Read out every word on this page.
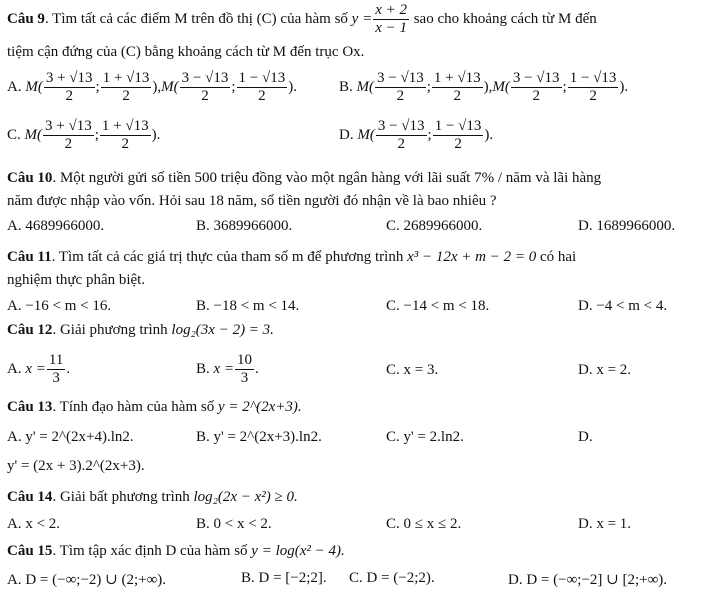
Câu 9. Tìm tất cả các điểm M trên đồ thị (C) của hàm số $y = \frac{x + 2}{x - 1}$ sao cho khoảng cách từ M đến
tiệm cận đứng của (C) bằng khoảng cách từ M đến trục Ox.
A. $M( \frac{3 + √13}{2}$ ; $\frac{1 + √13}{2} ),M( \frac{3 - √13}{2}$ ; $\frac{1 - √13}{2}$ ).	B. $M( \frac{3 - √13}{2}$ ; $\frac{1 + √13}{2} ),M( \frac{3 - √13}{2}$ ; $\frac{1 - √13}{2}$ ).
C. $M( \frac{3 + √13}{2}$ ; $\frac{1 + √13}{2}$ ).	D. $M( \frac{3 - √13}{2}$ ; $\frac{1 - √13}{2}$ ).
Câu 10. Một người gửi số tiền 500 triệu đồng vào một ngân hàng với lãi suất 7% / năm và lãi hàng
năm được nhập vào vốn. Hỏi sau 18 năm, số tiền người đó nhận về là bao nhiêu ?
A. 4689966000.	B. 3689966000.	C. 2689966000.	D. 1689966000.
Câu 11. Tìm tất cả các giá trị thực của tham số m để phương trình x³ − 12x + m − 2 = 0 có hai
nghiệm thực phân biệt.
A. −16 < m < 16.	B. −18 < m < 14.	C. −14 < m < 18.	D. −4 < m < 4.
Câu 12. Giải phương trình log₂(3x − 2) = 3.
A. $x = \frac{11}{3}$ .	B. $x = \frac{10}{3}$ .	C. x = 3.	D. x = 2.
Câu 13. Tính đạo hàm của hàm số y = 2^(2x+3).
A. y' = 2^(2x+4).ln2.	B. y' = 2^(2x+3).ln2.	C. y' = 2.ln2.	D.
y' = (2x + 3).2^(2x+3).
Câu 14. Giải bất phương trình log₂(2x − x²) ≥ 0.
A. x < 2.	B. 0 < x < 2.	C. 0 ≤ x ≤ 2.	D. x = 1.
Câu 15. Tìm tập xác định D của hàm số y = log(x² − 4).
A. D = (−∞;−2) ∪ (2;+∞).	B. D = [−2;2]. C. D = (−2;2).	D. D = (−∞;−2] ∪ [2;+∞).
